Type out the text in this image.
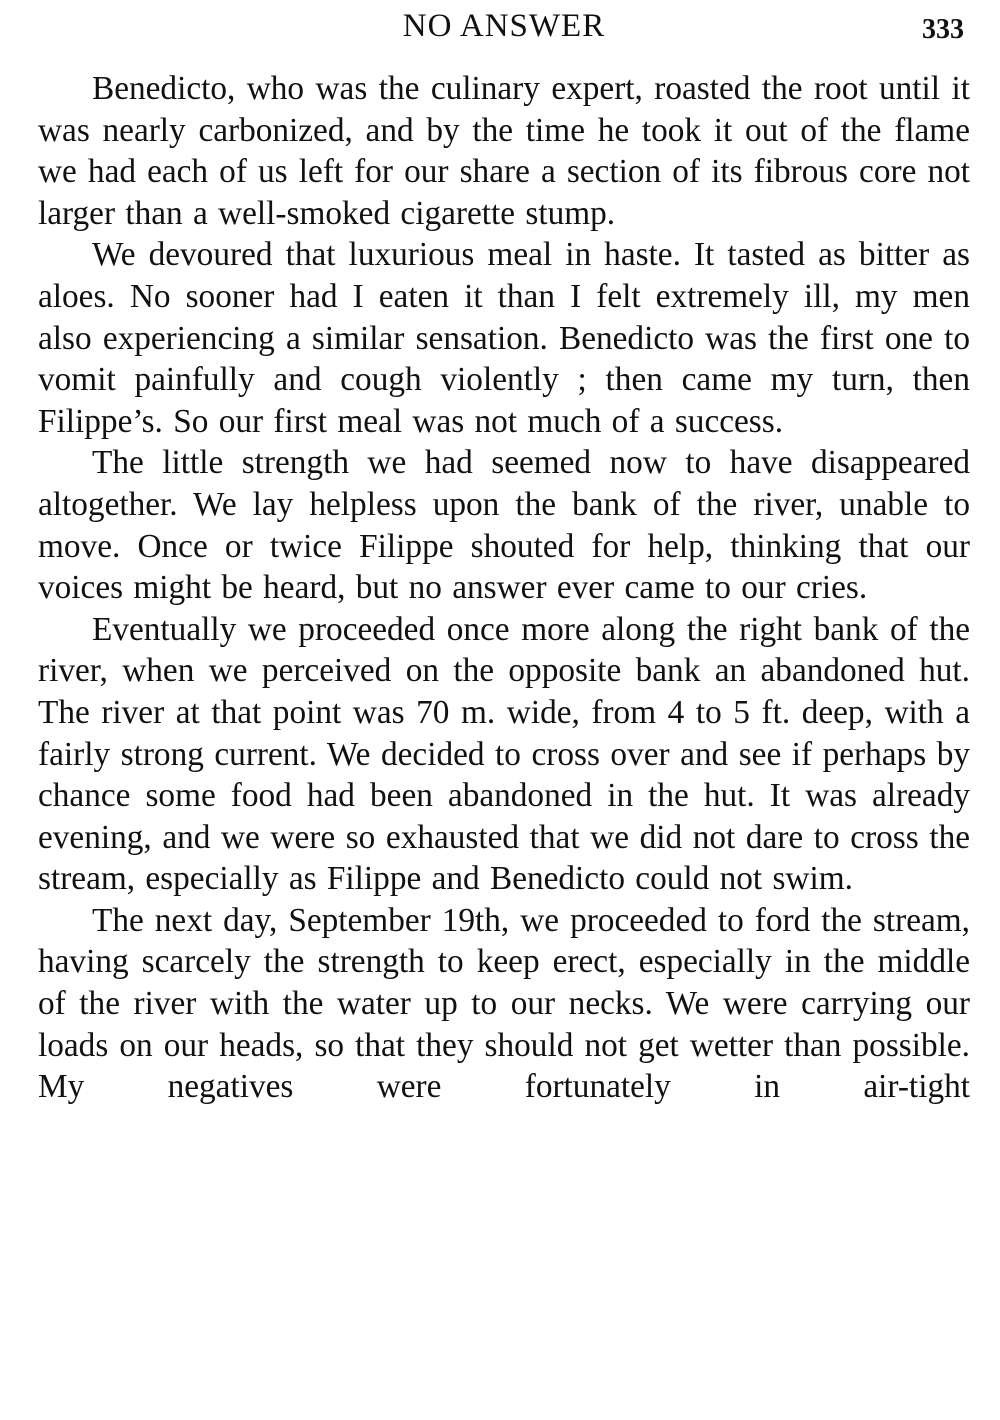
NO ANSWER	333

Benedicto, who was the culinary expert, roasted the root until it was nearly carbonized, and by the time he took it out of the flame we had each of us left for our share a section of its fibrous core not larger than a well-smoked cigarette stump.

We devoured that luxurious meal in haste. It tasted as bitter as aloes. No sooner had I eaten it than I felt extremely ill, my men also experiencing a similar sensation. Benedicto was the first one to vomit painfully and cough violently ; then came my turn, then Filippe’s. So our first meal was not much of a success.

The little strength we had seemed now to have disappeared altogether. We lay helpless upon the bank of the river, unable to move. Once or twice Filippe shouted for help, thinking that our voices might be heard, but no answer ever came to our cries.

Eventually we proceeded once more along the right bank of the river, when we perceived on the opposite bank an abandoned hut. The river at that point was 70 m. wide, from 4 to 5 ft. deep, with a fairly strong current. We decided to cross over and see if perhaps by chance some food had been abandoned in the hut. It was already evening, and we were so exhausted that we did not dare to cross the stream, especially as Filippe and Benedicto could not swim.

The next day, September 19th, we proceeded to ford the stream, having scarcely the strength to keep erect, especially in the middle of the river with the water up to our necks. We were carrying our loads on our heads, so that they should not get wetter than possible. My negatives were fortunately in air-tight
